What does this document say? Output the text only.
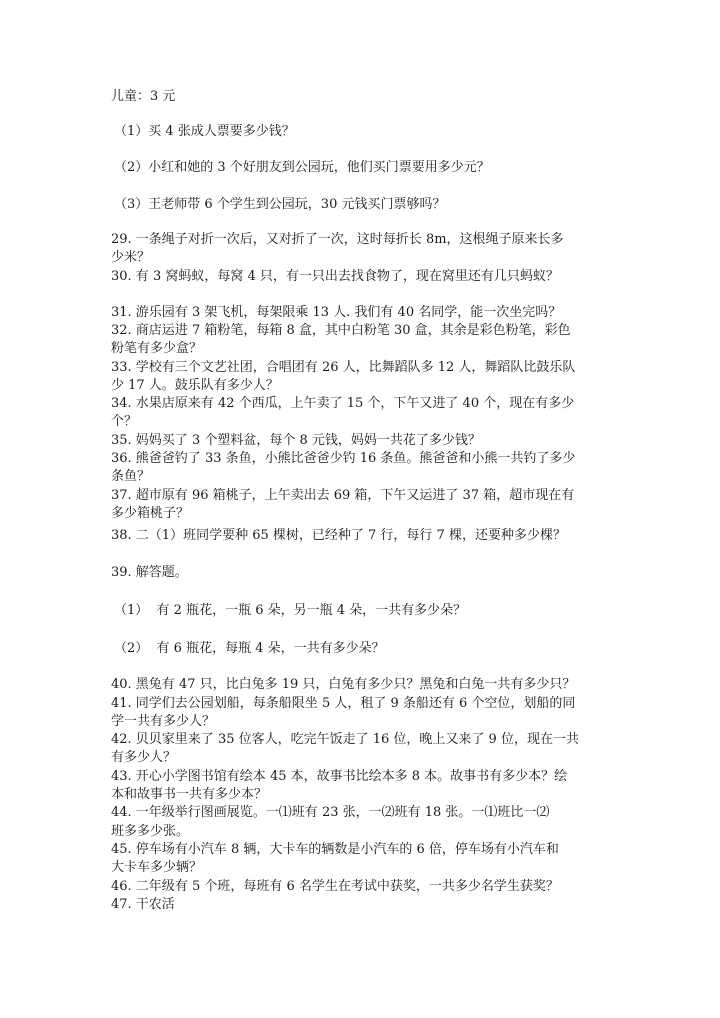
儿童：3 元
（1）买 4 张成人票要多少钱？
（2）小红和她的 3 个好朋友到公园玩，他们买门票要用多少元？
（3）王老师带 6 个学生到公园玩，30 元钱买门票够吗？
29. 一条绳子对折一次后，又对折了一次，这时每折长 8m，这根绳子原来长多
少米？
30. 有 3 窝蚂蚁，每窝 4 只，有一只出去找食物了，现在窝里还有几只蚂蚁？
31. 游乐园有 3 架飞机，每架限乘 13 人. 我们有 40 名同学，能一次坐完吗？
32. 商店运进 7 箱粉笔，每箱 8 盒，其中白粉笔 30 盒，其余是彩色粉笔，彩色
粉笔有多少盒？
33. 学校有三个文艺社团，合唱团有 26 人，比舞蹈队多 12 人，舞蹈队比鼓乐队
少 17 人。鼓乐队有多少人？
34. 水果店原来有 42 个西瓜，上午卖了 15 个，下午又进了 40 个，现在有多少
个？
35. 妈妈买了 3 个塑料盆，每个 8 元钱，妈妈一共花了多少钱？
36. 熊爸爸钓了 33 条鱼，小熊比爸爸少钓 16 条鱼。熊爸爸和小熊一共钓了多少
条鱼？
37. 超市原有 96 箱桃子，上午卖出去 69 箱，下午又运进了 37 箱，超市现在有
多少箱桃子？
38. 二（1）班同学要种 65 棵树，已经种了 7 行，每行 7 棵，还要种多少棵？
39. 解答题。
（1）  有 2 瓶花，一瓶 6 朵，另一瓶 4 朵，一共有多少朵？
（2）  有 6 瓶花，每瓶 4 朵，一共有多少朵？
40. 黑兔有 47 只，比白兔多 19 只，白兔有多少只？黑兔和白兔一共有多少只？
41. 同学们去公园划船，每条船限坐 5 人，租了 9 条船还有 6 个空位，划船的同
学一共有多少人？
42. 贝贝家里来了 35 位客人，吃完午饭走了 16 位，晚上又来了 9 位，现在一共
有多少人？
43. 开心小学图书馆有绘本 45 本，故事书比绘本多 8 本。故事书有多少本？绘
本和故事书一共有多少本？
44. 一年级举行图画展览。一⑴班有 23 张，一⑵班有 18 张。一⑴班比一⑵
班多多少张。
45. 停车场有小汽车 8 辆，大卡车的辆数是小汽车的 6 倍，停车场有小汽车和
大卡车多少辆？
46. 二年级有 5 个班，每班有 6 名学生在考试中获奖，一共多少名学生获奖？
47. 干农活
